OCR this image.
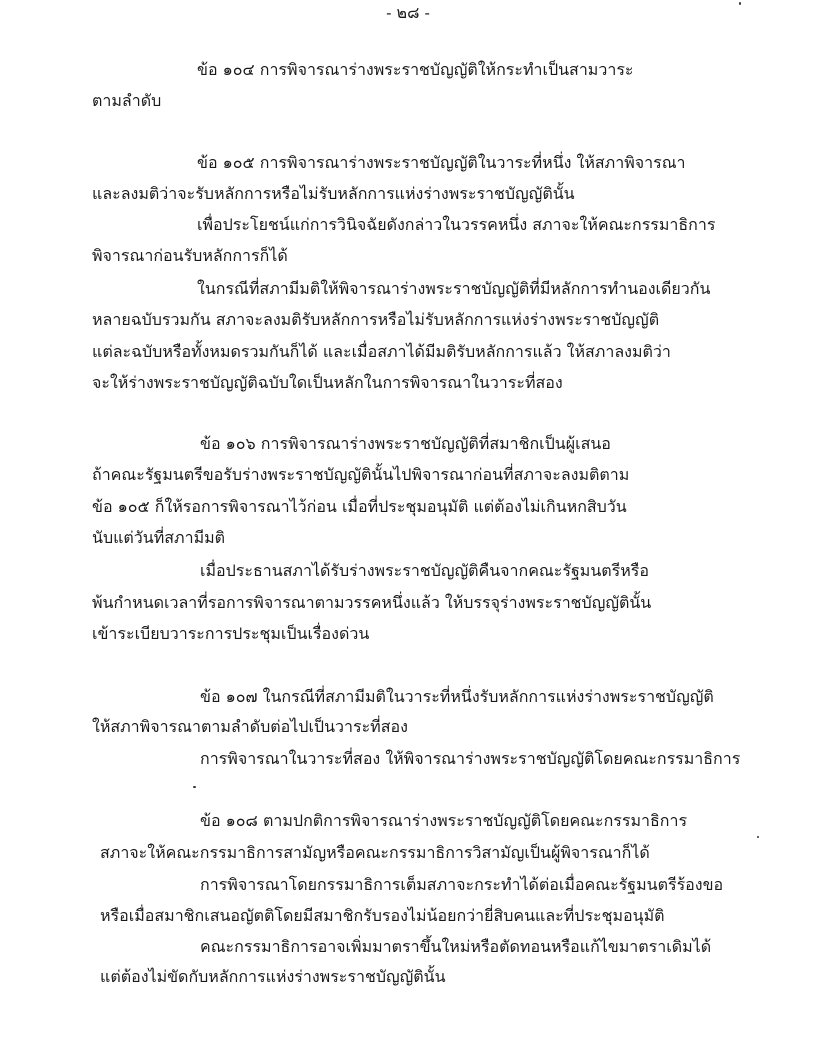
- ๒๘ -
ข้อ ๑๐๔ การพิจารณาร่างพระราชบัญญัติให้กระทำเป็นสามวาระ
ตามลำดับ
ข้อ ๑๐๕ การพิจารณาร่างพระราชบัญญัติในวาระที่หนึ่ง ให้สภาพิจารณา
และลงมติว่าจะรับหลักการหรือไม่รับหลักการแห่งร่างพระราชบัญญัตินั้น
เพื่อประโยชน์แก่การวินิจฉัยดังกล่าวในวรรคหนึ่ง สภาจะให้คณะกรรมาธิการ
พิจารณาก่อนรับหลักการก็ได้
ในกรณีที่สภามีมติให้พิจารณาร่างพระราชบัญญัติที่มีหลักการทำนองเดียวกัน
หลายฉบับรวมกัน สภาจะลงมติรับหลักการหรือไม่รับหลักการแห่งร่างพระราชบัญญัติ
แต่ละฉบับหรือทั้งหมดรวมกันก็ได้ และเมื่อสภาได้มีมติรับหลักการแล้ว ให้สภาลงมติว่า
จะให้ร่างพระราชบัญญัติฉบับใดเป็นหลักในการพิจารณาในวาระที่สอง
ข้อ ๑๐๖ การพิจารณาร่างพระราชบัญญัติที่สมาชิกเป็นผู้เสนอ
ถ้าคณะรัฐมนตรีขอรับร่างพระราชบัญญัตินั้นไปพิจารณาก่อนที่สภาจะลงมติตาม
ข้อ ๑๐๕ ก็ให้รอการพิจารณาไว้ก่อน เมื่อที่ประชุมอนุมัติ แต่ต้องไม่เกินหกสิบวัน
นับแต่วันที่สภามีมติ
เมื่อประธานสภาได้รับร่างพระราชบัญญัติคืนจากคณะรัฐมนตรีหรือ
พ้นกำหนดเวลาที่รอการพิจารณาตามวรรคหนึ่งแล้ว ให้บรรจุร่างพระราชบัญญัตินั้น
เข้าระเบียบวาระการประชุมเป็นเรื่องด่วน
ข้อ ๑๐๗ ในกรณีที่สภามีมติในวาระที่หนึ่งรับหลักการแห่งร่างพระราชบัญญัติ
ให้สภาพิจารณาตามลำดับต่อไปเป็นวาระที่สอง
การพิจารณาในวาระที่สอง ให้พิจารณาร่างพระราชบัญญัติโดยคณะกรรมาธิการ
ข้อ ๑๐๘ ตามปกติการพิจารณาร่างพระราชบัญญัติโดยคณะกรรมาธิการ
สภาจะให้คณะกรรมาธิการสามัญหรือคณะกรรมาธิการวิสามัญเป็นผู้พิจารณาก็ได้
การพิจารณาโดยกรรมาธิการเต็มสภาจะกระทำได้ต่อเมื่อคณะรัฐมนตรีร้องขอ
หรือเมื่อสมาชิกเสนอญัตติโดยมีสมาชิกรับรองไม่น้อยกว่ายี่สิบคนและที่ประชุมอนุมัติ
คณะกรรมาธิการอาจเพิ่มมาตราขึ้นใหม่หรือตัดทอนหรือแก้ไขมาตราเดิมได้
แต่ต้องไม่ขัดกับหลักการแห่งร่างพระราชบัญญัตินั้น
